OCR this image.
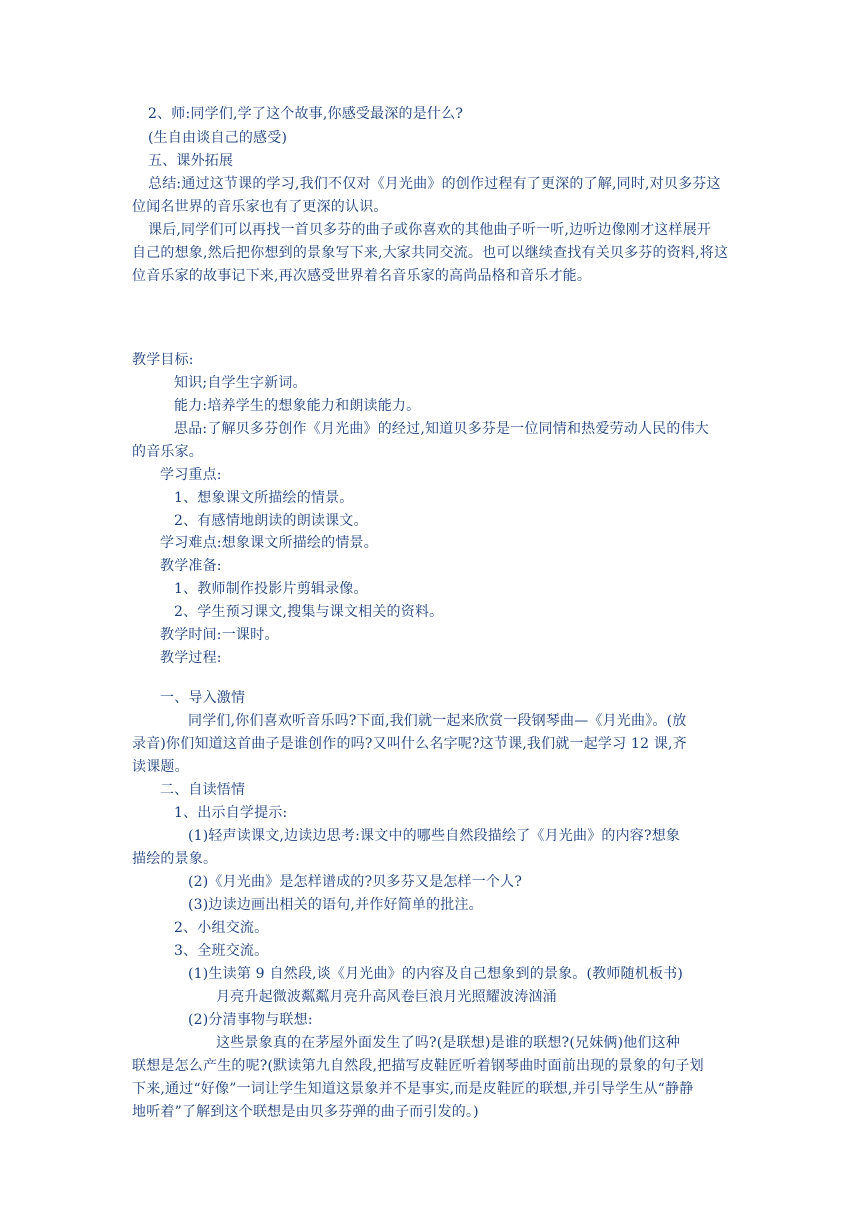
2、师:同学们,学了这个故事,你感受最深的是什么?
(生自由谈自己的感受)
五、课外拓展
总结:通过这节课的学习,我们不仅对《月光曲》的创作过程有了更深的了解,同时,对贝多芬这
位闻名世界的音乐家也有了更深的认识。
课后,同学们可以再找一首贝多芬的曲子或你喜欢的其他曲子听一听,边听边像刚才这样展开
自己的想象,然后把你想到的景象写下来,大家共同交流。也可以继续查找有关贝多芬的资料,将这
位音乐家的故事记下来,再次感受世界着名音乐家的高尚品格和音乐才能。
教学目标:
知识;自学生字新词。
能力:培养学生的想象能力和朗读能力。
思品:了解贝多芬创作《月光曲》的经过,知道贝多芬是一位同情和热爱劳动人民的伟大
的音乐家。
学习重点:
1、想象课文所描绘的情景。
2、有感情地朗读的朗读课文。
学习难点:想象课文所描绘的情景。
教学准备:
1、教师制作投影片剪辑录像。
2、学生预习课文,搜集与课文相关的资料。
教学时间:一课时。
教学过程:
一、导入激情
同学们,你们喜欢听音乐吗?下面,我们就一起来欣赏一段钢琴曲—《月光曲》。(放
录音)你们知道这首曲子是谁创作的吗?又叫什么名字呢?这节课,我们就一起学习 12 课,齐
读课题。
二、自读悟情
1、出示自学提示:
(1)轻声读课文,边读边思考:课文中的哪些自然段描绘了《月光曲》的内容?想象
描绘的景象。
(2)《月光曲》是怎样谱成的?贝多芬又是怎样一个人?
(3)边读边画出相关的语句,并作好简单的批注。
2、小组交流。
3、全班交流。
(1)生读第 9 自然段,谈《月光曲》的内容及自己想象到的景象。(教师随机板书)
月亮升起微波粼粼月亮升高风卷巨浪月光照耀波涛汹涌
(2)分清事物与联想:
这些景象真的在茅屋外面发生了吗?(是联想)是谁的联想?(兄妹俩)他们这种
联想是怎么产生的呢?(默读第九自然段,把描写皮鞋匠听着钢琴曲时面前出现的景象的句子划
下来,通过“好像”一词让学生知道这景象并不是事实,而是皮鞋匠的联想,并引导学生从“静静
地听着”了解到这个联想是由贝多芬弹的曲子而引发的。)
